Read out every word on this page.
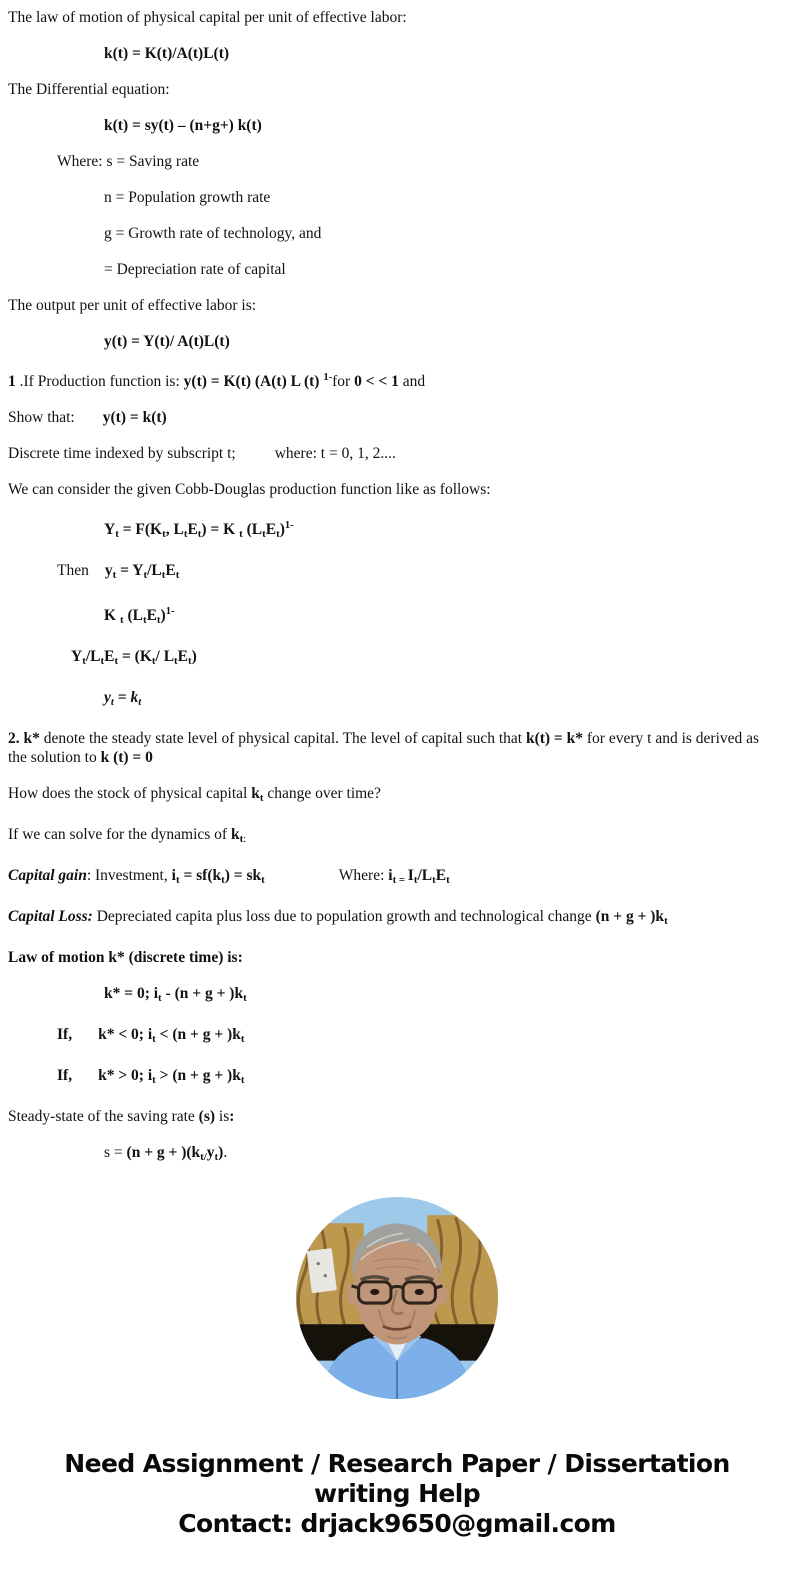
The law of motion of physical capital per unit of effective labor:

k(t) = K(t)/A(t)L(t)

The Differential equation:

k(t) = sy(t) – (n+g+) k(t)

Where: s = Saving rate

n = Population growth rate

g = Growth rate of technology, and

= Depreciation rate of capital

The output per unit of effective labor is:

y(t) = Y(t)/ A(t)L(t)

1 .If Production function is: y(t) = K(t) (A(t) L (t) $^{1-}$for 0 < < 1 and

Show that: y(t) = k(t)

Discrete time indexed by subscript t;	where: t = 0, 1, 2....

We can consider the given Cobb-Douglas production function like as follows:

Yt = F(Kt, LtEt) = K t (LtEt)$^{1-}$

Then yt = Yt/LtEt

K t (LtEt)$^{1-}$

Yt/LtEt = (Kt/ LtEt)

yt = kt

2. k* denote the steady state level of physical capital. The level of capital such that k(t) = k* for every t and is derived as the solution to k (t) = 0

How does the stock of physical capital kt change over time?

If we can solve for the dynamics of kt:

Capital gain: Investment, it = sf(kt) = skt	Where: it = It/LtEt

Capital Loss: Depreciated capita plus loss due to population growth and technological change (n + g + )kt

Law of motion k* (discrete time) is:

k* = 0; it - (n + g + )kt

If, k* < 0; it < (n + g + )kt

If, k* > 0; it > (n + g + )kt

Steady-state of the saving rate (s) is:

s = (n + g + )(kt/yt).

Need Assignment / Research Paper / Dissertation
writing Help
Contact: drjack9650@gmail.com
